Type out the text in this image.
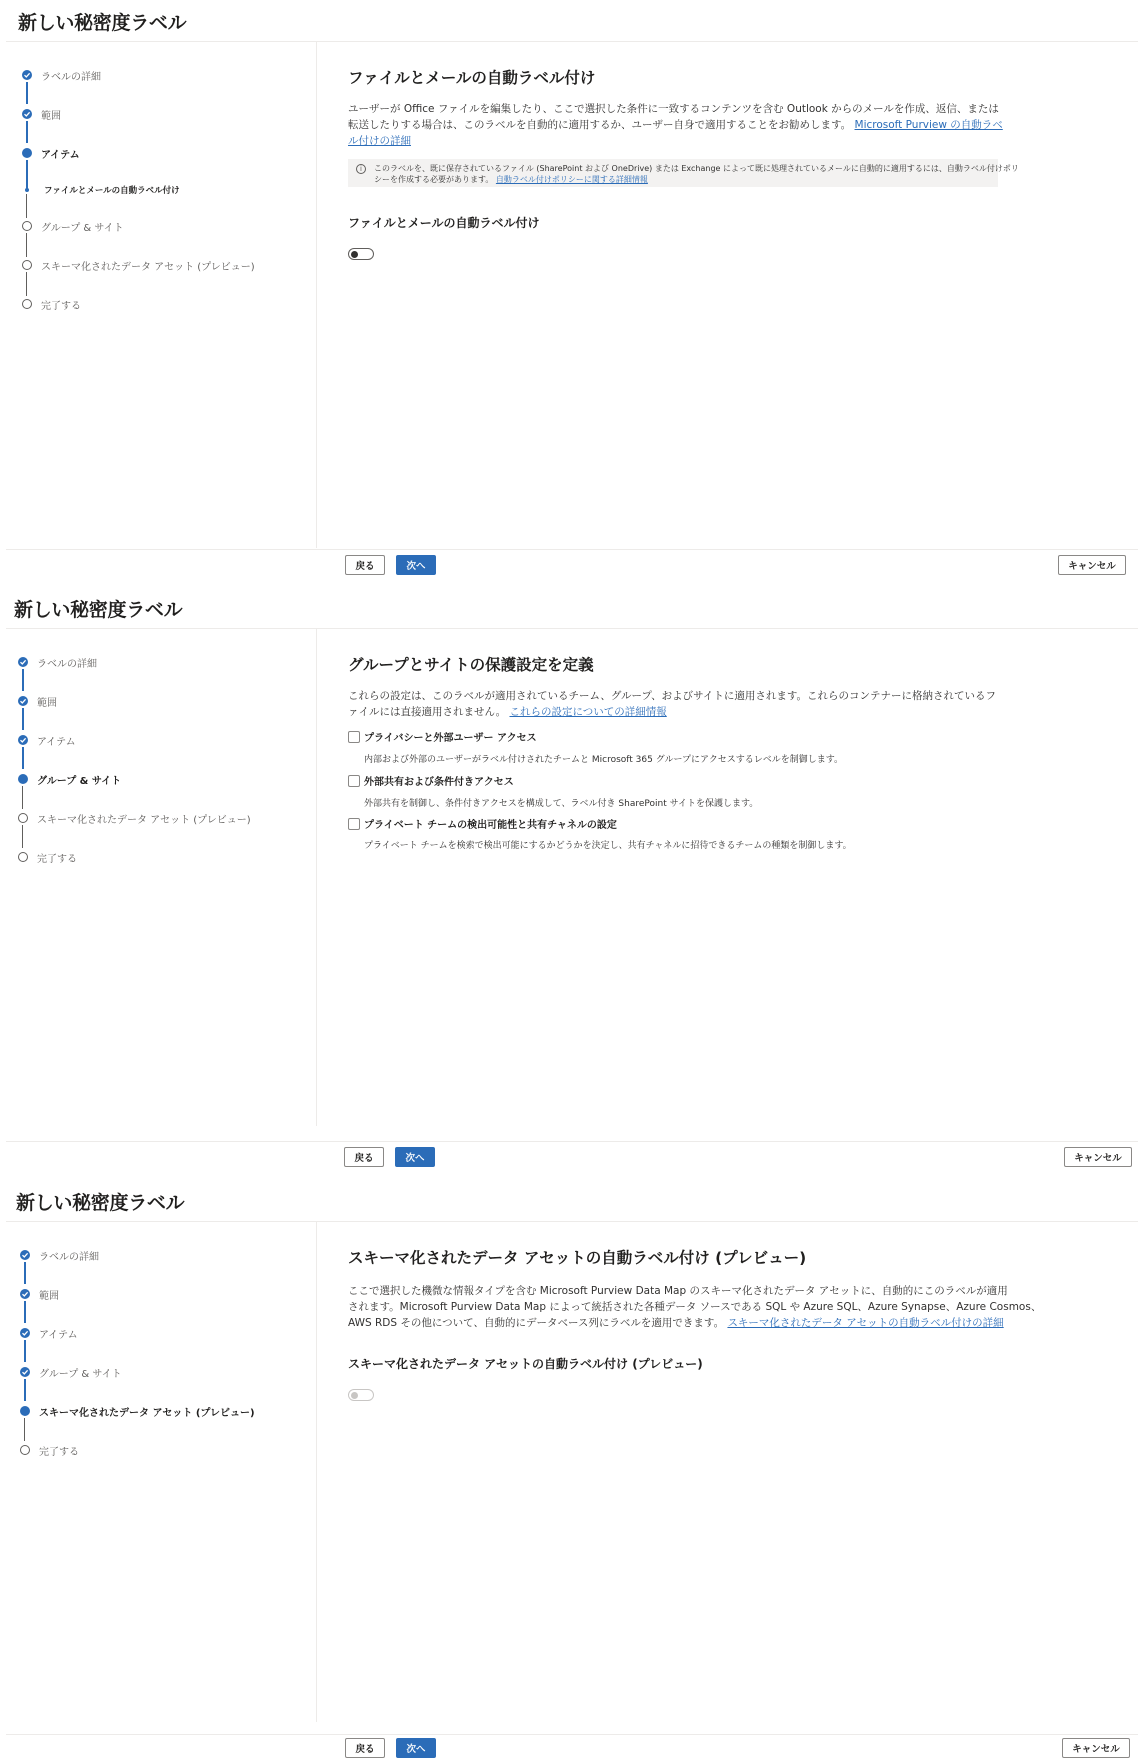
新しい秘密度ラベル
ラベルの詳細
範囲
アイテム
ファイルとメールの自動ラベル付け
グループ & サイト
スキーマ化されたデータ アセット (プレビュー)
完了する
ファイルとメールの自動ラベル付け
ユーザーが Office ファイルを編集したり、ここで選択した条件に一致するコンテンツを含む Outlook からのメールを作成、返信、または
転送したりする場合は、このラベルを自動的に適用するか、ユーザー自身で適用することをお勧めします。 Microsoft Purview の自動ラベ
ル付けの詳細
i	このラベルを、既に保存されているファイル (SharePoint および OneDrive) または Exchange によって既に処理されているメールに自動的に適用するには、自動ラベル付けポリ
シーを作成する必要があります。 自動ラベル付けポリシーに関する詳細情報
ファイルとメールの自動ラベル付け
戻る	次へ	キャンセル
新しい秘密度ラベル
ラベルの詳細
範囲
アイテム
グループ & サイト
スキーマ化されたデータ アセット (プレビュー)
完了する
グループとサイトの保護設定を定義
これらの設定は、このラベルが適用されているチーム、グループ、およびサイトに適用されます。これらのコンテナーに格納されているフ
ァイルには直接適用されません。 これらの設定についての詳細情報
プライバシーと外部ユーザー アクセス
内部および外部のユーザーがラベル付けされたチームと Microsoft 365 グループにアクセスするレベルを制御します。
外部共有および条件付きアクセス
外部共有を制御し、条件付きアクセスを構成して、ラベル付き SharePoint サイトを保護します。
プライベート チームの検出可能性と共有チャネルの設定
プライベート チームを検索で検出可能にするかどうかを決定し、共有チャネルに招待できるチームの種類を制御します。
戻る	次へ	キャンセル
新しい秘密度ラベル
ラベルの詳細
範囲
アイテム
グループ & サイト
スキーマ化されたデータ アセット (プレビュー)
完了する
スキーマ化されたデータ アセットの自動ラベル付け (プレビュー)
ここで選択した機微な情報タイプを含む Microsoft Purview Data Map のスキーマ化されたデータ アセットに、自動的にこのラベルが適用
されます。Microsoft Purview Data Map によって統括された各種データ ソースである SQL や Azure SQL、Azure Synapse、Azure Cosmos、
AWS RDS その他について、自動的にデータベース列にラベルを適用できます。 スキーマ化されたデータ アセットの自動ラベル付けの詳細
スキーマ化されたデータ アセットの自動ラベル付け (プレビュー)
戻る	次へ	キャンセル
